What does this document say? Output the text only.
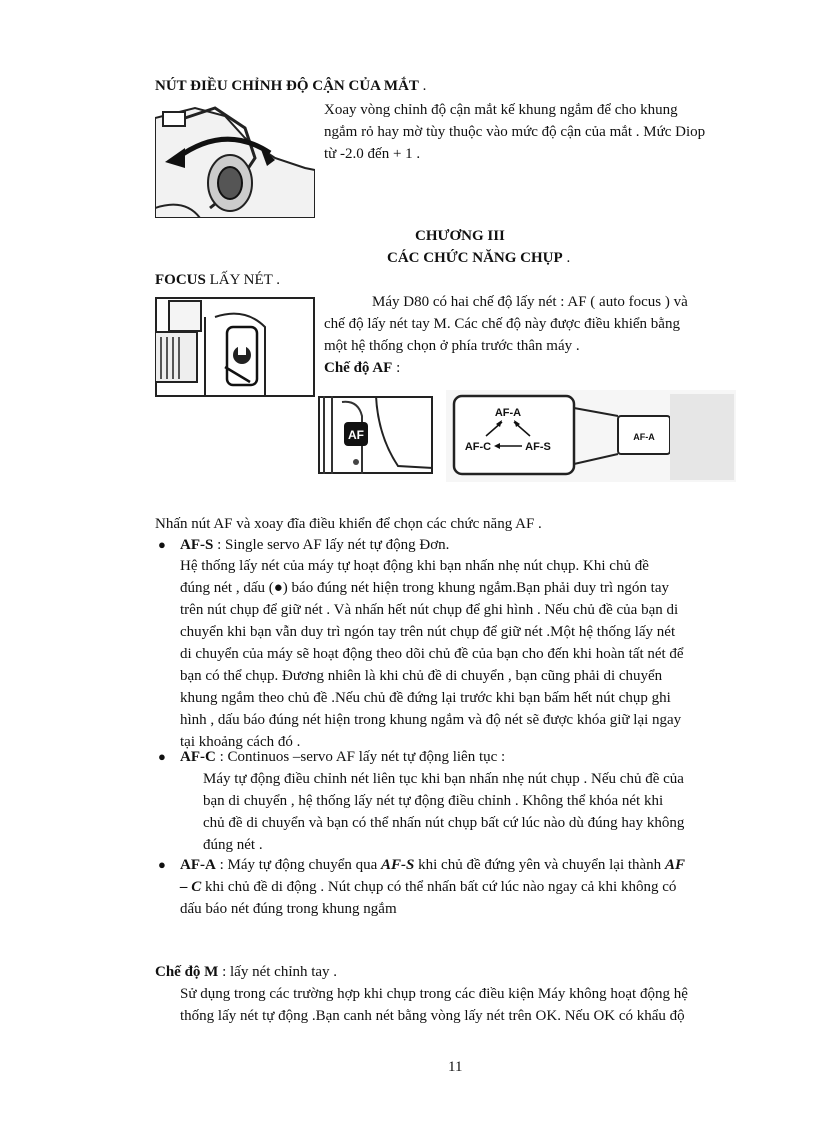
NÚT ĐIỀU CHỈNH ĐỘ CẬN CỦA MẮT .
Xoay vòng chỉnh độ cận mắt kế khung ngắm để cho khung
ngắm rỏ hay mờ tùy thuộc vào mức độ cận của mắt . Mức Diop
từ -2.0 đến + 1 .
CHƯƠNG III
CÁC CHỨC NĂNG CHỤP .
FOCUS LẤY NÉT .
Máy D80 có hai chế độ lấy nét : AF ( auto focus ) và
chế độ lấy nét tay M. Các chế độ này được điều khiển bằng
một hệ thống chọn ở phía trước thân máy .
Chế độ AF :
AF	AF-A
AF-A
AF-C	AF-S
Nhấn nút AF và xoay đĩa điều khiển để chọn các chức năng AF .
● AF-S : Single servo AF lấy nét tự động Đơn.
Hệ thống lấy nét của máy tự hoạt động khi bạn nhấn nhẹ nút chụp. Khi chủ đề
đúng nét , dấu (●) báo đúng nét hiện trong khung ngắm.Bạn phải duy trì ngón tay
trên nút chụp để giữ nét . Và nhấn hết nút chụp để ghi hình . Nếu chủ đề của bạn di
chuyển khi bạn vẫn duy trì ngón tay trên nút chụp để giữ nét .Một hệ thống lấy nét
di chuyển của máy sẽ hoạt động theo dõi chủ đề của bạn cho đến khi hoàn tất nét để
bạn có thể chụp. Đương nhiên là khi chủ đề di chuyển , bạn cũng phải di chuyển
khung ngắm theo chủ đề .Nếu chủ đề đứng lại trước khi bạn bấm hết nút chụp ghi
hình , dấu báo đúng nét hiện trong khung ngắm và độ nét sẽ được khóa giữ lại ngay
tại khoảng cách đó .
● AF-C : Continuos –servo AF lấy nét tự động liên tục :
Máy tự động điều chỉnh nét liên tục khi bạn nhấn nhẹ nút chụp . Nếu chủ đề của
bạn di chuyển , hệ thống lấy nét tự động điều chỉnh . Không thể khóa nét khi
chủ đề di chuyển và bạn có thể nhấn nút chụp bất cứ lúc nào dù đúng hay không
đúng nét .
● AF-A : Máy tự động chuyển qua AF-S khi chủ đề đứng yên và chuyển lại thành AF
– C khi chủ đề di động . Nút chụp có thể nhấn bất cứ lúc nào ngay cả khi không có
dấu báo nét đúng trong khung ngắm
Chế độ M : lấy nét chỉnh tay .
Sử dụng trong các trường hợp khi chụp trong các điều kiện Máy không hoạt động hệ
thống lấy nét tự động .Bạn canh nét bằng vòng lấy nét trên OK. Nếu OK có khẩu độ
11
